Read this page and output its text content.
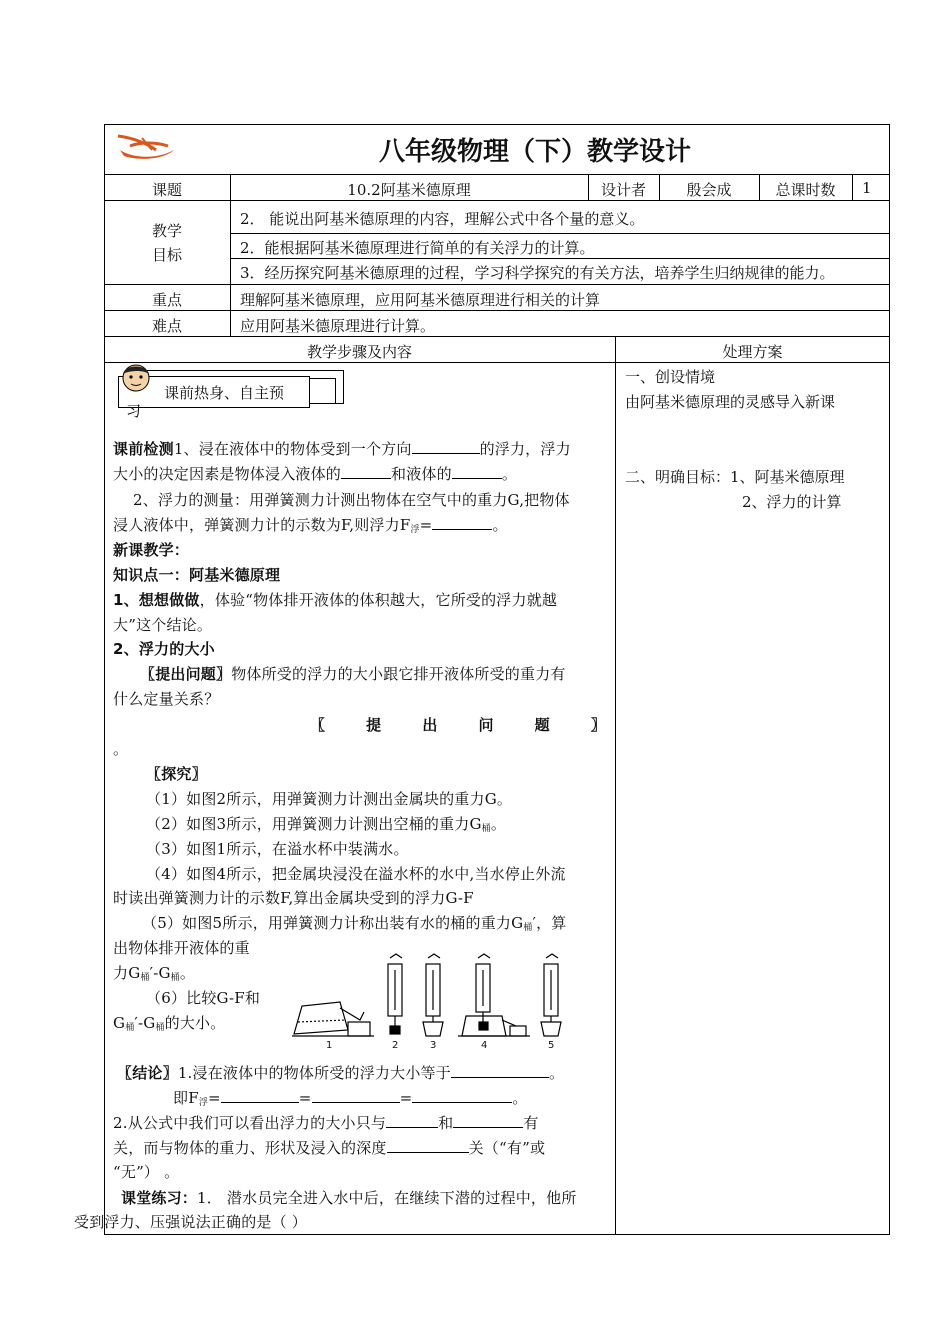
八年级物理（下）教学设计
课题	10.2阿基米德原理	设计者	殷会成	总课时数	1
教学
目标
2． 能说出阿基米德原理的内容，理解公式中各个量的意义。
2．能根据阿基米德原理进行简单的有关浮力的计算。
3．经历探究阿基米德原理的过程，学习科学探究的有关方法，培养学生归纳规律的能力。
重点	理解阿基米德原理，应用阿基米德原理进行相关的计算
难点	应用阿基米德原理进行计算。
教学步骤及内容	处理方案
课前热身、自主预
习
课前检测1、浸在液体中的物体受到一个方向	的浮力，浮力
大小的决定因素是物体浸入液体的	和液体的	。
2、浮力的测量：用弹簧测力计测出物体在空气中的重力G,把物体
浸人液体中，弹簧测力计的示数为F,则浮力$F_浮=$	。
新课教学：
知识点一：阿基米德原理
1、想想做做，体验“物体排开液体的体积越大，它所受的浮力就越
大”这个结论。
2、浮力的大小
〖提出问题〗物体所受的浮力的大小跟它排开液体所受的重力有
什么定量关系？
〖	提	出	问	题	〗
。
〖探究〗
（1）如图2所示，用弹簧测力计测出金属块的重力G。
（2）如图3所示，用弹簧测力计测出空桶的重力$G_桶$。
（3）如图1所示，在溢水杯中装满水。
（4）如图4所示，把金属块浸没在溢水杯的水中,当水停止外流
时读出弹簧测力计的示数F,算出金属块受到的浮力G-F
（5）如图5所示，用弹簧测力计称出装有水的桶的重力$G_桶'$，算
出物体排开液体的重
力$G_桶'-G_桶$。
（6）比较G-F和
$G_桶'-G_桶$的大小。
1	2	3	4	5
〖结论〗1.浸在液体中的物体所受的浮力大小等于	。
即$F_浮=$	=	=	。
2.从公式中我们可以看出浮力的大小只与	和	有
关，而与物体的重力、形状及浸入的深度	关（“有”或
“无”） 。
课堂练习：1． 潜水员完全进入水中后，在继续下潜的过程中，他所
受到浮力、压强说法正确的是（ ）
一、创设情境
由阿基米德原理的灵感导入新课
二、明确目标：1、阿基米德原理
2、浮力的计算
